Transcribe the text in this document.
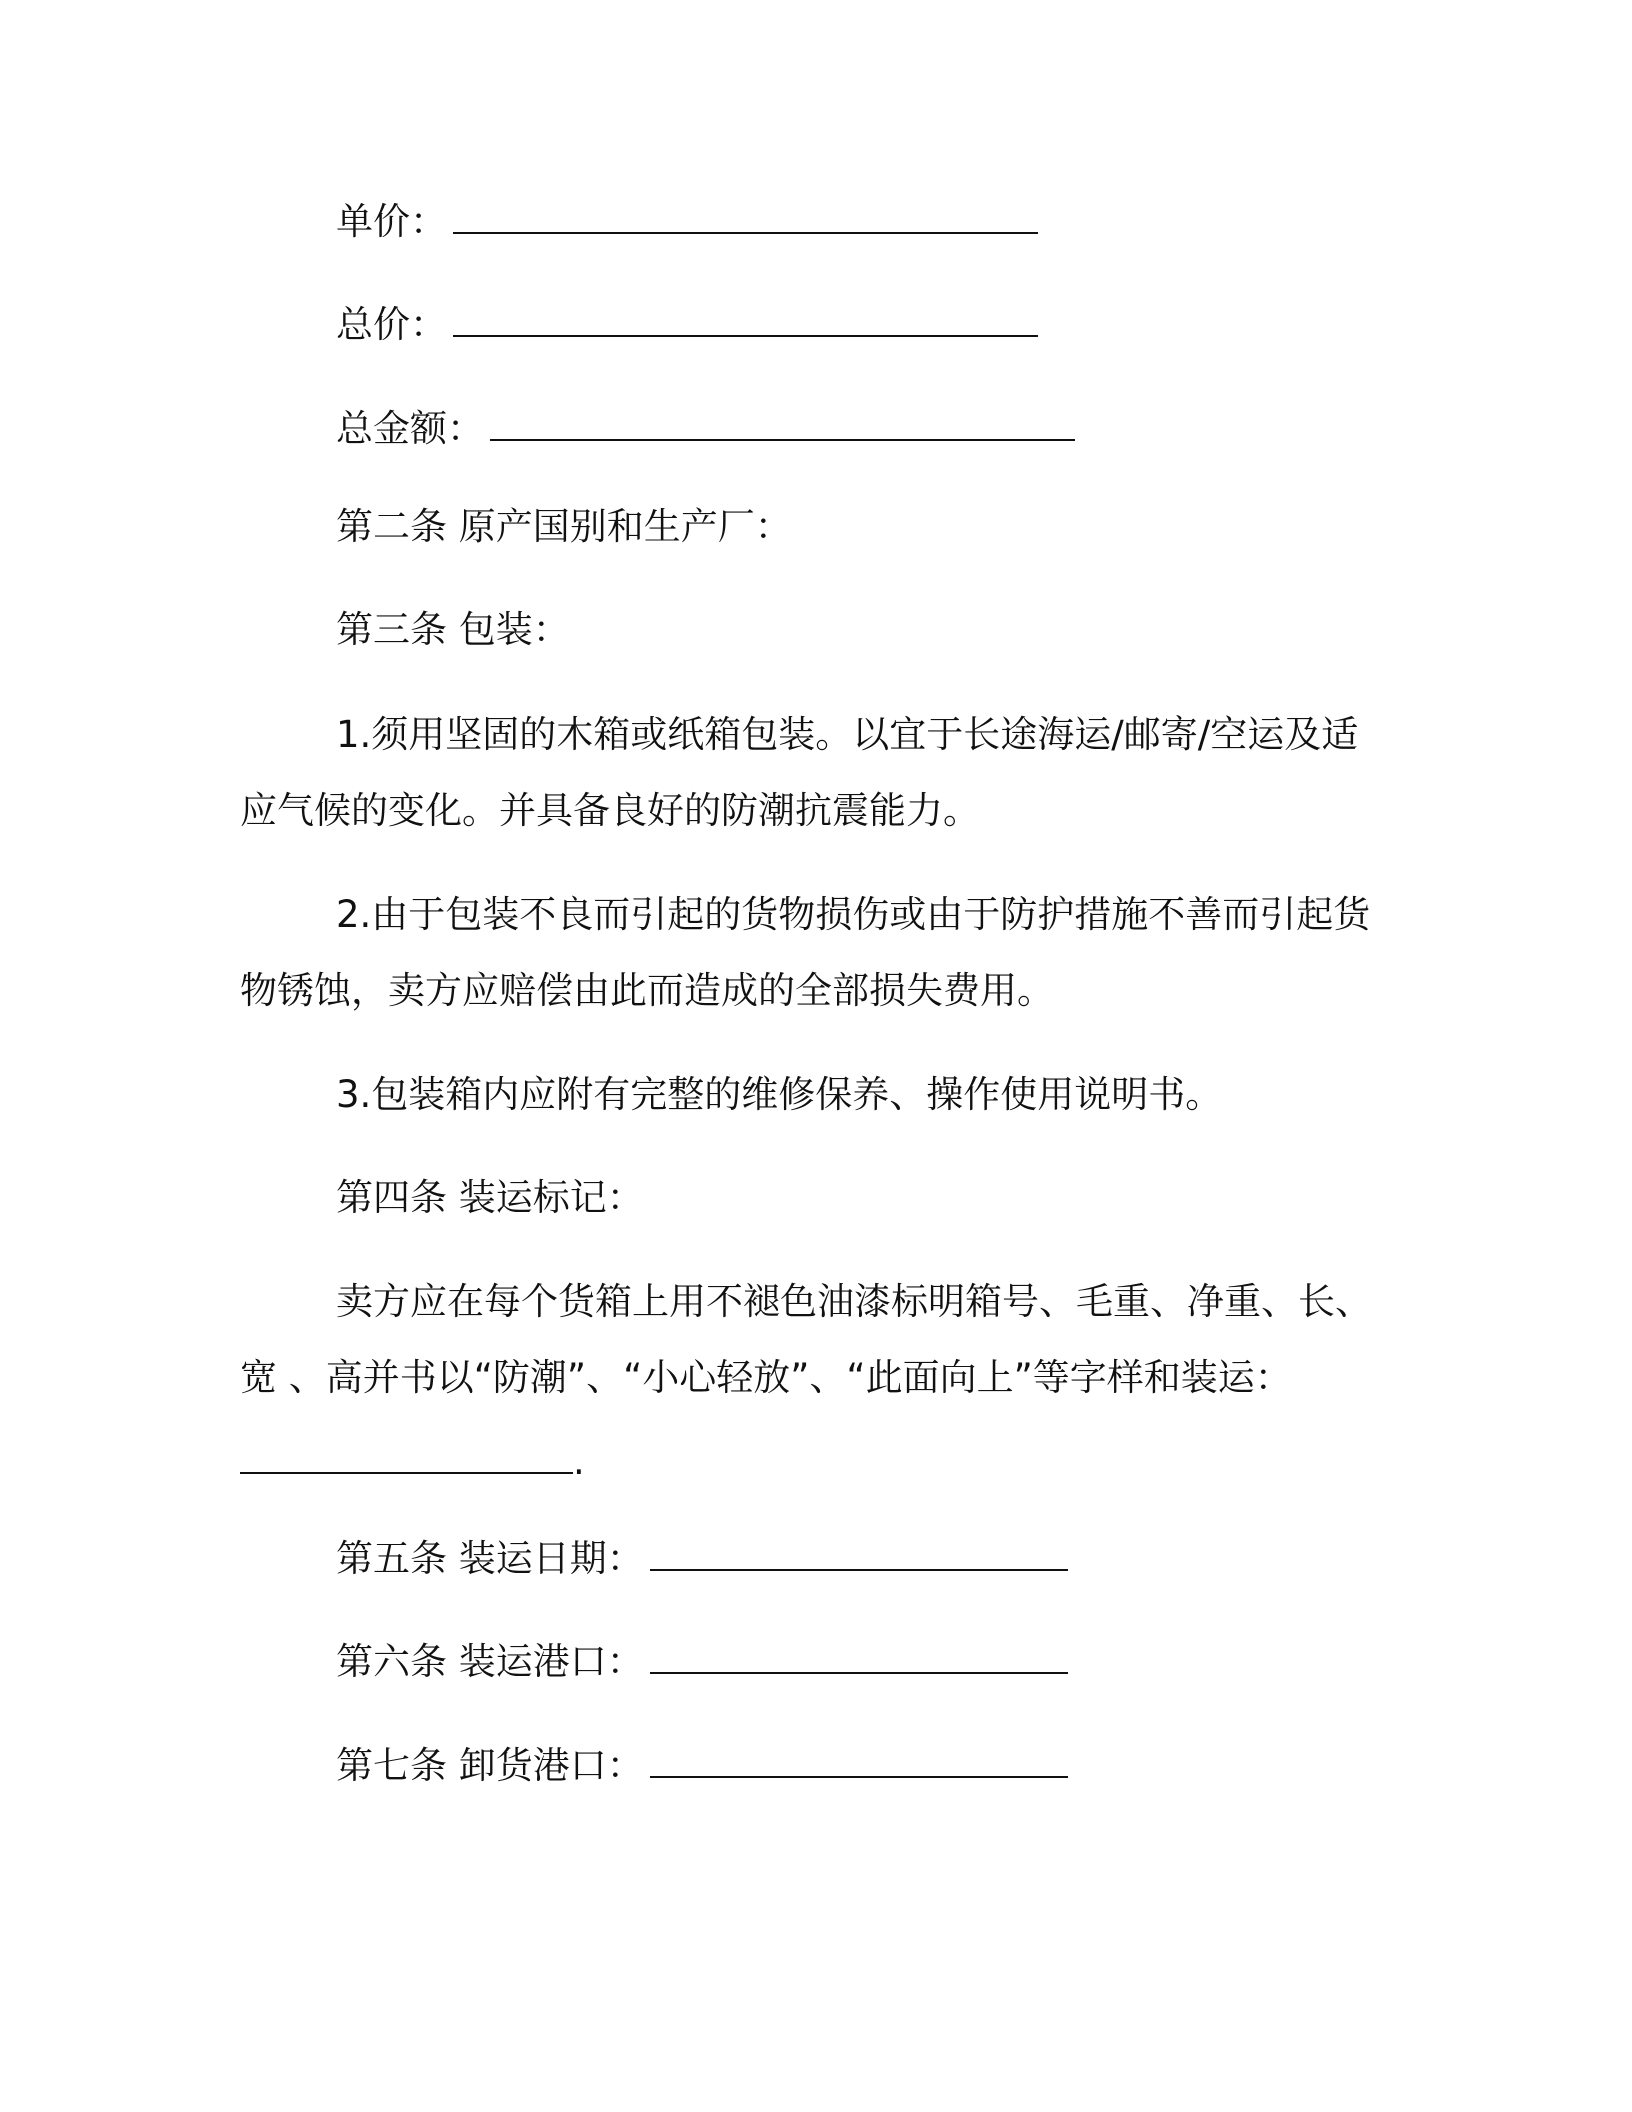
单价：
总价：
总金额：
第二条 原产国别和生产厂：
第三条 包装：
1.须用坚固的木箱或纸箱包装。以宜于长途海运/邮寄/空运及适
应气候的变化。并具备良好的防潮抗震能力。
2.由于包装不良而引起的货物损伤或由于防护措施不善而引起货
物锈蚀，卖方应赔偿由此而造成的全部损失费用。
3.包装箱内应附有完整的维修保养、操作使用说明书。
第四条 装运标记：
卖方应在每个货箱上用不褪色油漆标明箱号、毛重、净重、长、
宽 、高并书以“防潮”、“小心轻放”、“此面向上”等字样和装运：
.
第五条 装运日期：
第六条 装运港口：
第七条 卸货港口：
